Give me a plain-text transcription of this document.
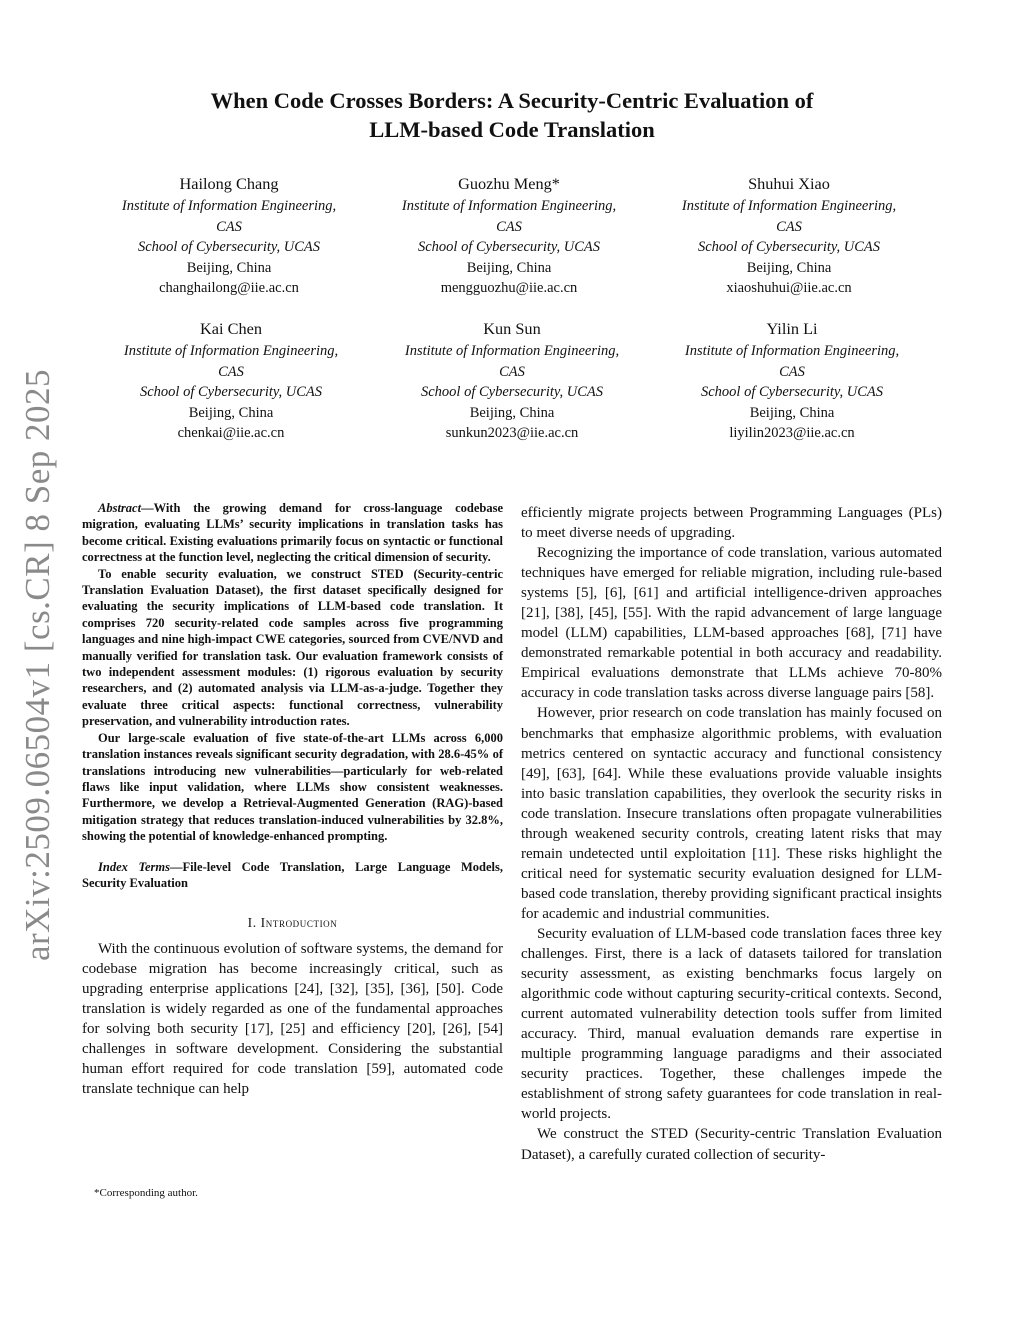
arXiv:2509.06504v1 [cs.CR] 8 Sep 2025
When Code Crosses Borders: A Security-Centric Evaluation of
LLM-based Code Translation
Hailong Chang
Institute of Information Engineering,
CAS
School of Cybersecurity, UCAS
Beijing, China
changhailong@iie.ac.cn
Guozhu Meng*
Institute of Information Engineering,
CAS
School of Cybersecurity, UCAS
Beijing, China
mengguozhu@iie.ac.cn
Shuhui Xiao
Institute of Information Engineering,
CAS
School of Cybersecurity, UCAS
Beijing, China
xiaoshuhui@iie.ac.cn
Kai Chen
Institute of Information Engineering,
CAS
School of Cybersecurity, UCAS
Beijing, China
chenkai@iie.ac.cn
Kun Sun
Institute of Information Engineering,
CAS
School of Cybersecurity, UCAS
Beijing, China
sunkun2023@iie.ac.cn
Yilin Li
Institute of Information Engineering,
CAS
School of Cybersecurity, UCAS
Beijing, China
liyilin2023@iie.ac.cn

Abstract—With the growing demand for cross-language codebase migration, evaluating LLMs’ security implications in translation tasks has become critical. Existing evaluations primarily focus on syntactic or functional correctness at the function level, neglecting the critical dimension of security.

To enable security evaluation, we construct STED (Security-centric Translation Evaluation Dataset), the first dataset specifically designed for evaluating the security implications of LLM-based code translation. It comprises 720 security-related code samples across five programming languages and nine high-impact CWE categories, sourced from CVE/NVD and manually verified for translation task. Our evaluation framework consists of two independent assessment modules: (1) rigorous evaluation by security researchers, and (2) automated analysis via LLM-as-a-judge. Together they evaluate three critical aspects: functional correctness, vulnerability preservation, and vulnerability introduction rates.

Our large-scale evaluation of five state-of-the-art LLMs across 6,000 translation instances reveals significant security degradation, with 28.6-45% of translations introducing new vulnerabilities—particularly for web-related flaws like input validation, where LLMs show consistent weaknesses. Furthermore, we develop a Retrieval-Augmented Generation (RAG)-based mitigation strategy that reduces translation-induced vulnerabilities by 32.8%, showing the potential of knowledge-enhanced prompting.

Index Terms—File-level Code Translation, Large Language Models, Security Evaluation
I. Introduction

With the continuous evolution of software systems, the demand for codebase migration has become increasingly critical, such as upgrading enterprise applications [24], [32], [35], [36], [50]. Code translation is widely regarded as one of the fundamental approaches for solving both security [17], [25] and efficiency [20], [26], [54] challenges in software development. Considering the substantial human effort required for code translation [59], automated code translate technique can help

*Corresponding author.

efficiently migrate projects between Programming Languages (PLs) to meet diverse needs of upgrading.

Recognizing the importance of code translation, various automated techniques have emerged for reliable migration, including rule-based systems [5], [6], [61] and artificial intelligence-driven approaches [21], [38], [45], [55]. With the rapid advancement of large language model (LLM) capabilities, LLM-based approaches [68], [71] have demonstrated remarkable potential in both accuracy and readability. Empirical evaluations demonstrate that LLMs achieve 70-80% accuracy in code translation tasks across diverse language pairs [58].

However, prior research on code translation has mainly focused on benchmarks that emphasize algorithmic problems, with evaluation metrics centered on syntactic accuracy and functional consistency [49], [63], [64]. While these evaluations provide valuable insights into basic translation capabilities, they overlook the security risks in code translation. Insecure translations often propagate vulnerabilities through weakened security controls, creating latent risks that may remain undetected until exploitation [11]. These risks highlight the critical need for systematic security evaluation designed for LLM-based code translation, thereby providing significant practical insights for academic and industrial communities.

Security evaluation of LLM-based code translation faces three key challenges. First, there is a lack of datasets tailored for translation security assessment, as existing benchmarks focus largely on algorithmic code without capturing security-critical contexts. Second, current automated vulnerability detection tools suffer from limited accuracy. Third, manual evaluation demands rare expertise in multiple programming language paradigms and their associated security practices. Together, these challenges impede the establishment of strong safety guarantees for code translation in real-world projects.

We construct the STED (Security-centric Translation Evaluation Dataset), a carefully curated collection of security-
